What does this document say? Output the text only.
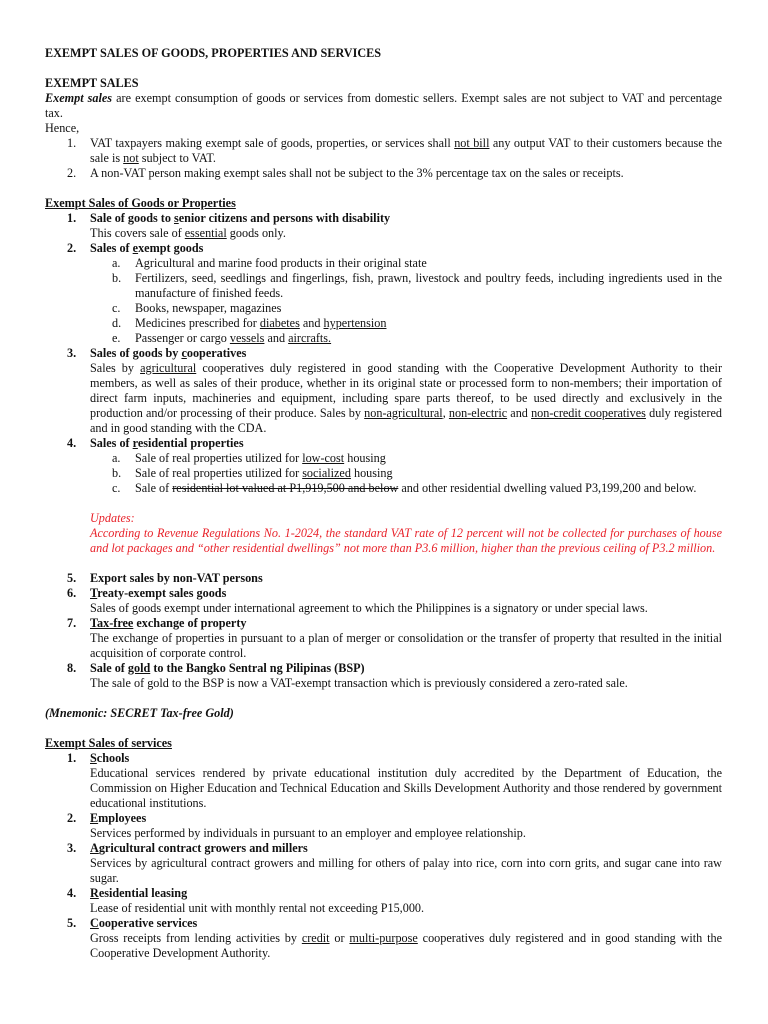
EXEMPT SALES OF GOODS, PROPERTIES AND SERVICES

EXEMPT SALES

Exempt sales are exempt consumption of goods or services from domestic sellers. Exempt sales are not subject to VAT and percentage tax.

Hence,

1.	VAT taxpayers making exempt sale of goods, properties, or services shall not bill any output VAT to their customers because the sale is not subject to VAT.
2.	A non-VAT person making exempt sales shall not be subject to the 3% percentage tax on the sales or receipts.

Exempt Sales of Goods or Properties

1.	Sale of goods to senior citizens and persons with disability

This covers sale of essential goods only.

2.	Sales of exempt goods
a.	Agricultural and marine food products in their original state
b.	Fertilizers, seed, seedlings and fingerlings, fish, prawn, livestock and poultry feeds, including ingredients used in the manufacture of finished feeds.
c.	Books, newspaper, magazines
d.	Medicines prescribed for diabetes and hypertension
e.	Passenger or cargo vessels and aircrafts.
3.	Sales of goods by cooperatives

Sales by agricultural cooperatives duly registered in good standing with the Cooperative Development Authority to their members, as well as sales of their produce, whether in its original state or processed form to non-members; their importation of direct farm inputs, machineries and equipment, including spare parts thereof, to be used directly and exclusively in the production and/or processing of their produce. Sales by non-agricultural, non-electric and non-credit cooperatives duly registered and in good standing with the CDA.

4.	Sales of residential properties
a.	Sale of real properties utilized for low-cost housing
b.	Sale of real properties utilized for socialized housing
c.	Sale of residential lot valued at P1,919,500 and below and other residential dwelling valued P3,199,200 and below.

Updates:

According to Revenue Regulations No. 1-2024, the standard VAT rate of 12 percent will not be collected for purchases of house and lot packages and “other residential dwellings” not more than P3.6 million, higher than the previous ceiling of P3.2 million.

5.	Export sales by non-VAT persons
6.	Treaty-exempt sales goods

Sales of goods exempt under international agreement to which the Philippines is a signatory or under special laws.

7.	Tax-free exchange of property

The exchange of properties in pursuant to a plan of merger or consolidation or the transfer of property that resulted in the initial acquisition of corporate control.

8.	Sale of gold to the Bangko Sentral ng Pilipinas (BSP)

The sale of gold to the BSP is now a VAT-exempt transaction which is previously considered a zero-rated sale.

(Mnemonic: SECRET Tax-free Gold)

Exempt Sales of services

1.	Schools

Educational services rendered by private educational institution duly accredited by the Department of Education, the Commission on Higher Education and Technical Education and Skills Development Authority and those rendered by government educational institutions.

2.	Employees

Services performed by individuals in pursuant to an employer and employee relationship.

3.	Agricultural contract growers and millers

Services by agricultural contract growers and milling for others of palay into rice, corn into corn grits, and sugar cane into raw sugar.

4.	Residential leasing

Lease of residential unit with monthly rental not exceeding P15,000.

5.	Cooperative services

Gross receipts from lending activities by credit or multi-purpose cooperatives duly registered and in good standing with the Cooperative Development Authority.
